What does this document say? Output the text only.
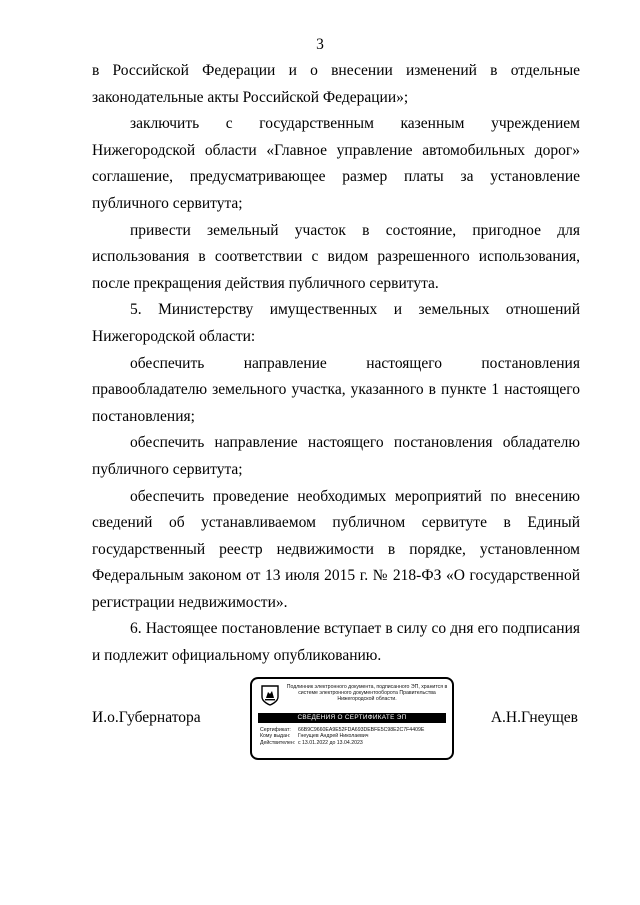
3

в Российской Федерации и о внесении изменений в отдельные законодательные акты Российской Федерации»;

заключить с государственным казенным учреждением Нижегородской области «Главное управление автомобильных дорог» соглашение, предусматривающее размер платы за установление публичного сервитута;

привести земельный участок в состояние, пригодное для использования в соответствии с видом разрешенного использования, после прекращения действия публичного сервитута.

5. Министерству имущественных и земельных отношений Нижегородской области:

обеспечить направление настоящего постановления правообладателю земельного участка, указанного в пункте 1 настоящего постановления;

обеспечить направление настоящего постановления обладателю публичного сервитута;

обеспечить проведение необходимых мероприятий по внесению сведений об устанавливаемом публичном сервитуте в Единый государственный реестр недвижимости в порядке, установленном Федеральным законом от 13 июля 2015 г. № 218-ФЗ «О государственной регистрации недвижимости».

6. Настоящее постановление вступает в силу со дня его подписания и подлежит официальному опубликованию.

И.о.Губернатора	А.Н.Гнеущев
Подлинник электронного документа, подписанного ЭП, хранится в системе электронного документооборота Правительства Нижегородской области.
СВЕДЕНИЯ О СЕРТИФИКАТЕ ЭП
Сертификат: 66B9C9660EA9E52FDA693DEBFE5C98E2C7F4409E
Кому выдан: Гнеущев Андрей Николаевич
Действителен: с 13.01.2022 до 13.04.2023
